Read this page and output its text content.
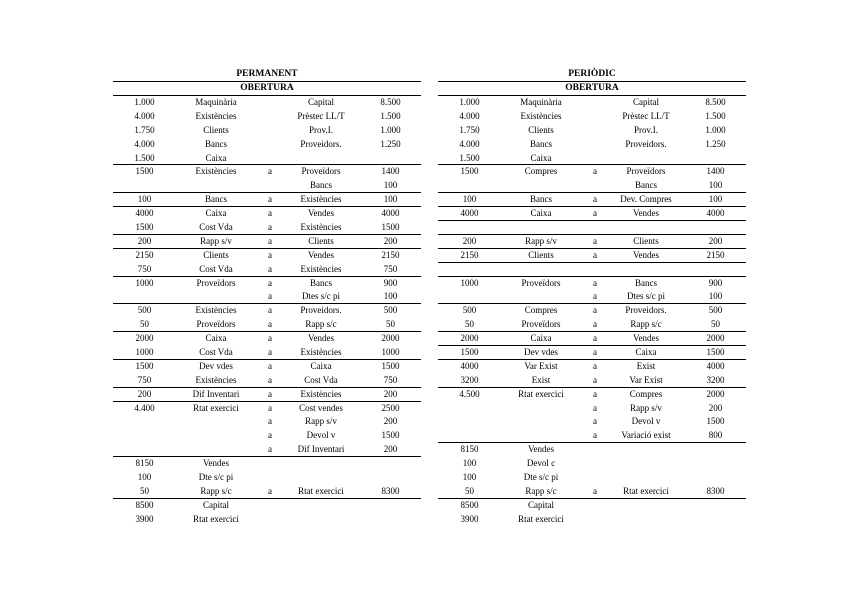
PERMANENT
OBERTURA
1.000	Maquinària	Capital	8.500
4.000	Existències	Prèstec LL/T	1.500
1.750	Clients	Prov.I.	1.000
4.000	Bancs	Proveidors.	1.250
1.500	Caixa
1500	Existències	a	Proveïdors	1400
Bancs	100
100	Bancs	a	Existències	100
4000	Caixa	a	Vendes	4000
1500	Cost Vda	a	Existències	1500
200	Rapp s/v	a	Clients	200
2150	Clients	a	Vendes	2150
750	Cost Vda	a	Existències	750
1000	Proveïdors	a	Bancs	900
a	Dtes s/c pi	100
500	Existències	a	Proveidors.	500
50	Proveïdors	a	Rapp s/c	50
2000	Caixa	a	Vendes	2000
1000	Cost Vda	a	Existències	1000
1500	Dev vdes	a	Caixa	1500
750	Existències	a	Cost Vda	750
200	Dif Inventari	a	Existències	200
4.400	Rtat exercici	a	Cost vendes	2500
a	Rapp s/v	200
a	Devol v	1500
a	Dif Inventari	200
8150	Vendes
100	Dte s/c pi
50	Rapp s/c	a	Rtat exercici	8300
8500	Capital
3900	Rtat exercici
PERIÒDIC
OBERTURA
1.000	Maquinària	Capital	8.500
4.000	Existències	Prèstec LL/T	1.500
1.750	Clients	Prov.I.	1.000
4.000	Bancs	Proveidors.	1.250
1.500	Caixa
1500	Compres	a	Proveïdors	1400
Bancs	100
100	Bancs	a	Dev. Compres	100
4000	Caixa	a	Vendes	4000
200	Rapp s/v	a	Clients	200
2150	Clients	a	Vendes	2150
1000	Proveïdors	a	Bancs	900
a	Dtes s/c pi	100
500	Compres	a	Proveidors.	500
50	Proveïdors	a	Rapp s/c	50
2000	Caixa	a	Vendes	2000
1500	Dev vdes	a	Caixa	1500
4000	Var Exist	a	Exist	4000
3200	Exist	a	Var Exist	3200
4.500	Rtat exercici	a	Compres	2000
a	Rapp s/v	200
a	Devol v	1500
a	Variació exist	800
8150	Vendes
100	Devol c
100	Dte s/c pi
50	Rapp s/c	a	Rtat exercici	8300
8500	Capital
3900	Rtat exercici
